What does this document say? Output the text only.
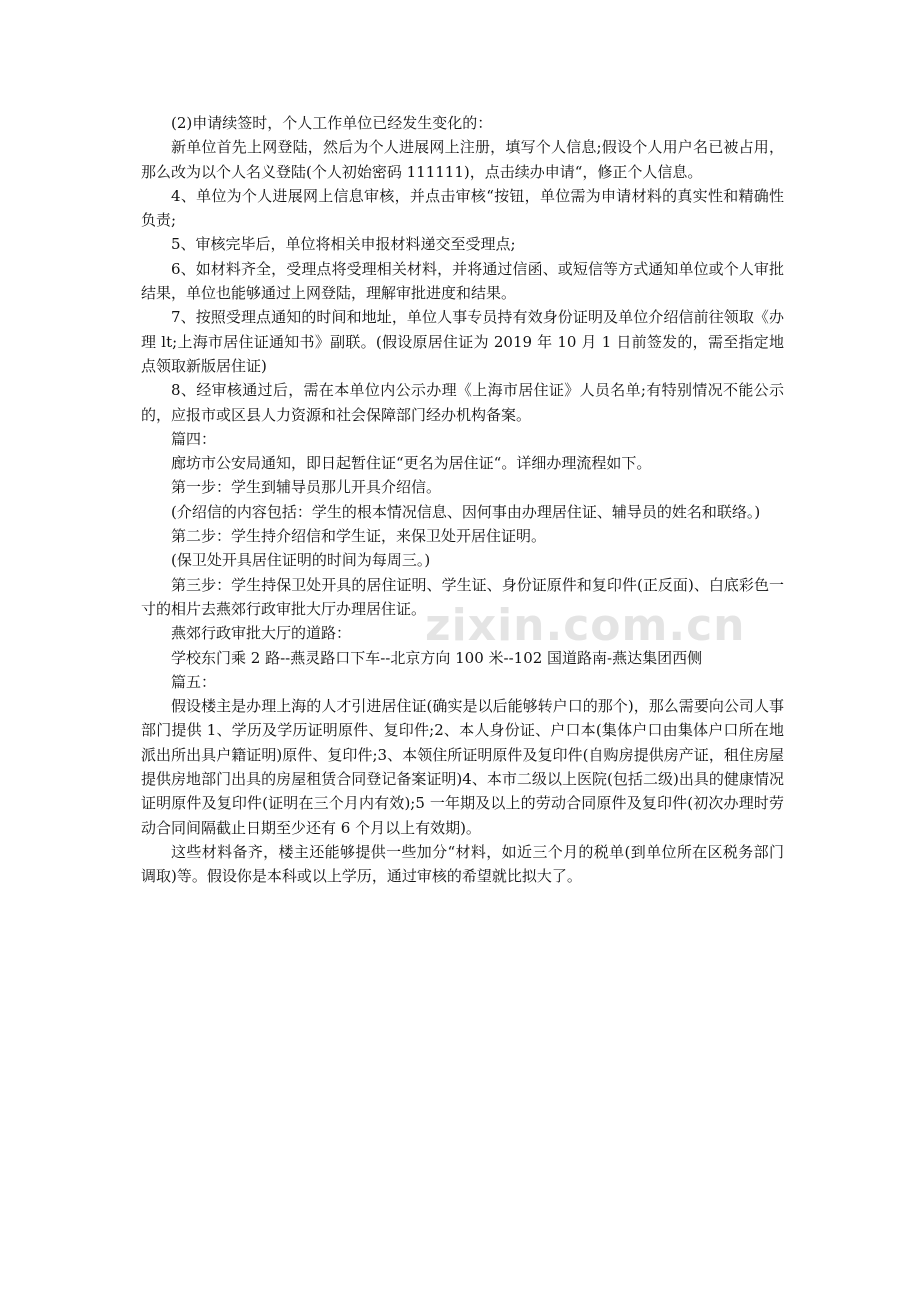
zixin.com.cn

(2)申请续签时，个人工作单位已经发生变化的：

新单位首先上网登陆，然后为个人进展网上注册，填写个人信息;假设个人用户名已被占用，那么改为以个人名义登陆(个人初始密码 111111)，点击续办申请“，修正个人信息。

4、单位为个人进展网上信息审核，并点击审核“按钮，单位需为申请材料的真实性和精确性负责;

5、审核完毕后，单位将相关申报材料递交至受理点;

6、如材料齐全，受理点将受理相关材料，并将通过信函、或短信等方式通知单位或个人审批结果，单位也能够通过上网登陆，理解审批进度和结果。

7、按照受理点通知的时间和地址，单位人事专员持有效身份证明及单位介绍信前往领取《办理 lt;上海市居住证通知书》副联。(假设原居住证为 2019 年 10 月 1 日前签发的，需至指定地点领取新版居住证)

8、经审核通过后，需在本单位内公示办理《上海市居住证》人员名单;有特别情况不能公示的，应报市或区县人力资源和社会保障部门经办机构备案。

篇四：

廊坊市公安局通知，即日起暂住证“更名为居住证“。详细办理流程如下。

第一步：学生到辅导员那儿开具介绍信。

(介绍信的内容包括：学生的根本情况信息、因何事由办理居住证、辅导员的姓名和联络。)

第二步：学生持介绍信和学生证，来保卫处开居住证明。

(保卫处开具居住证明的时间为每周三。)

第三步：学生持保卫处开具的居住证明、学生证、身份证原件和复印件(正反面)、白底彩色一寸的相片去燕郊行政审批大厅办理居住证。

燕郊行政审批大厅的道路：

学校东门乘 2 路--燕灵路口下车--北京方向 100 米--102 国道路南-燕达集团西侧

篇五：

假设楼主是办理上海的人才引进居住证(确实是以后能够转户口的那个)，那么需要向公司人事部门提供 1、学历及学历证明原件、复印件;2、本人身份证、户口本(集体户口由集体户口所在地派出所出具户籍证明)原件、复印件;3、本领住所证明原件及复印件(自购房提供房产证，租住房屋提供房地部门出具的房屋租赁合同登记备案证明)4、本市二级以上医院(包括二级)出具的健康情况证明原件及复印件(证明在三个月内有效);5 一年期及以上的劳动合同原件及复印件(初次办理时劳动合同间隔截止日期至少还有 6 个月以上有效期)。

这些材料备齐，楼主还能够提供一些加分“材料，如近三个月的税单(到单位所在区税务部门调取)等。假设你是本科或以上学历，通过审核的希望就比拟大了。
